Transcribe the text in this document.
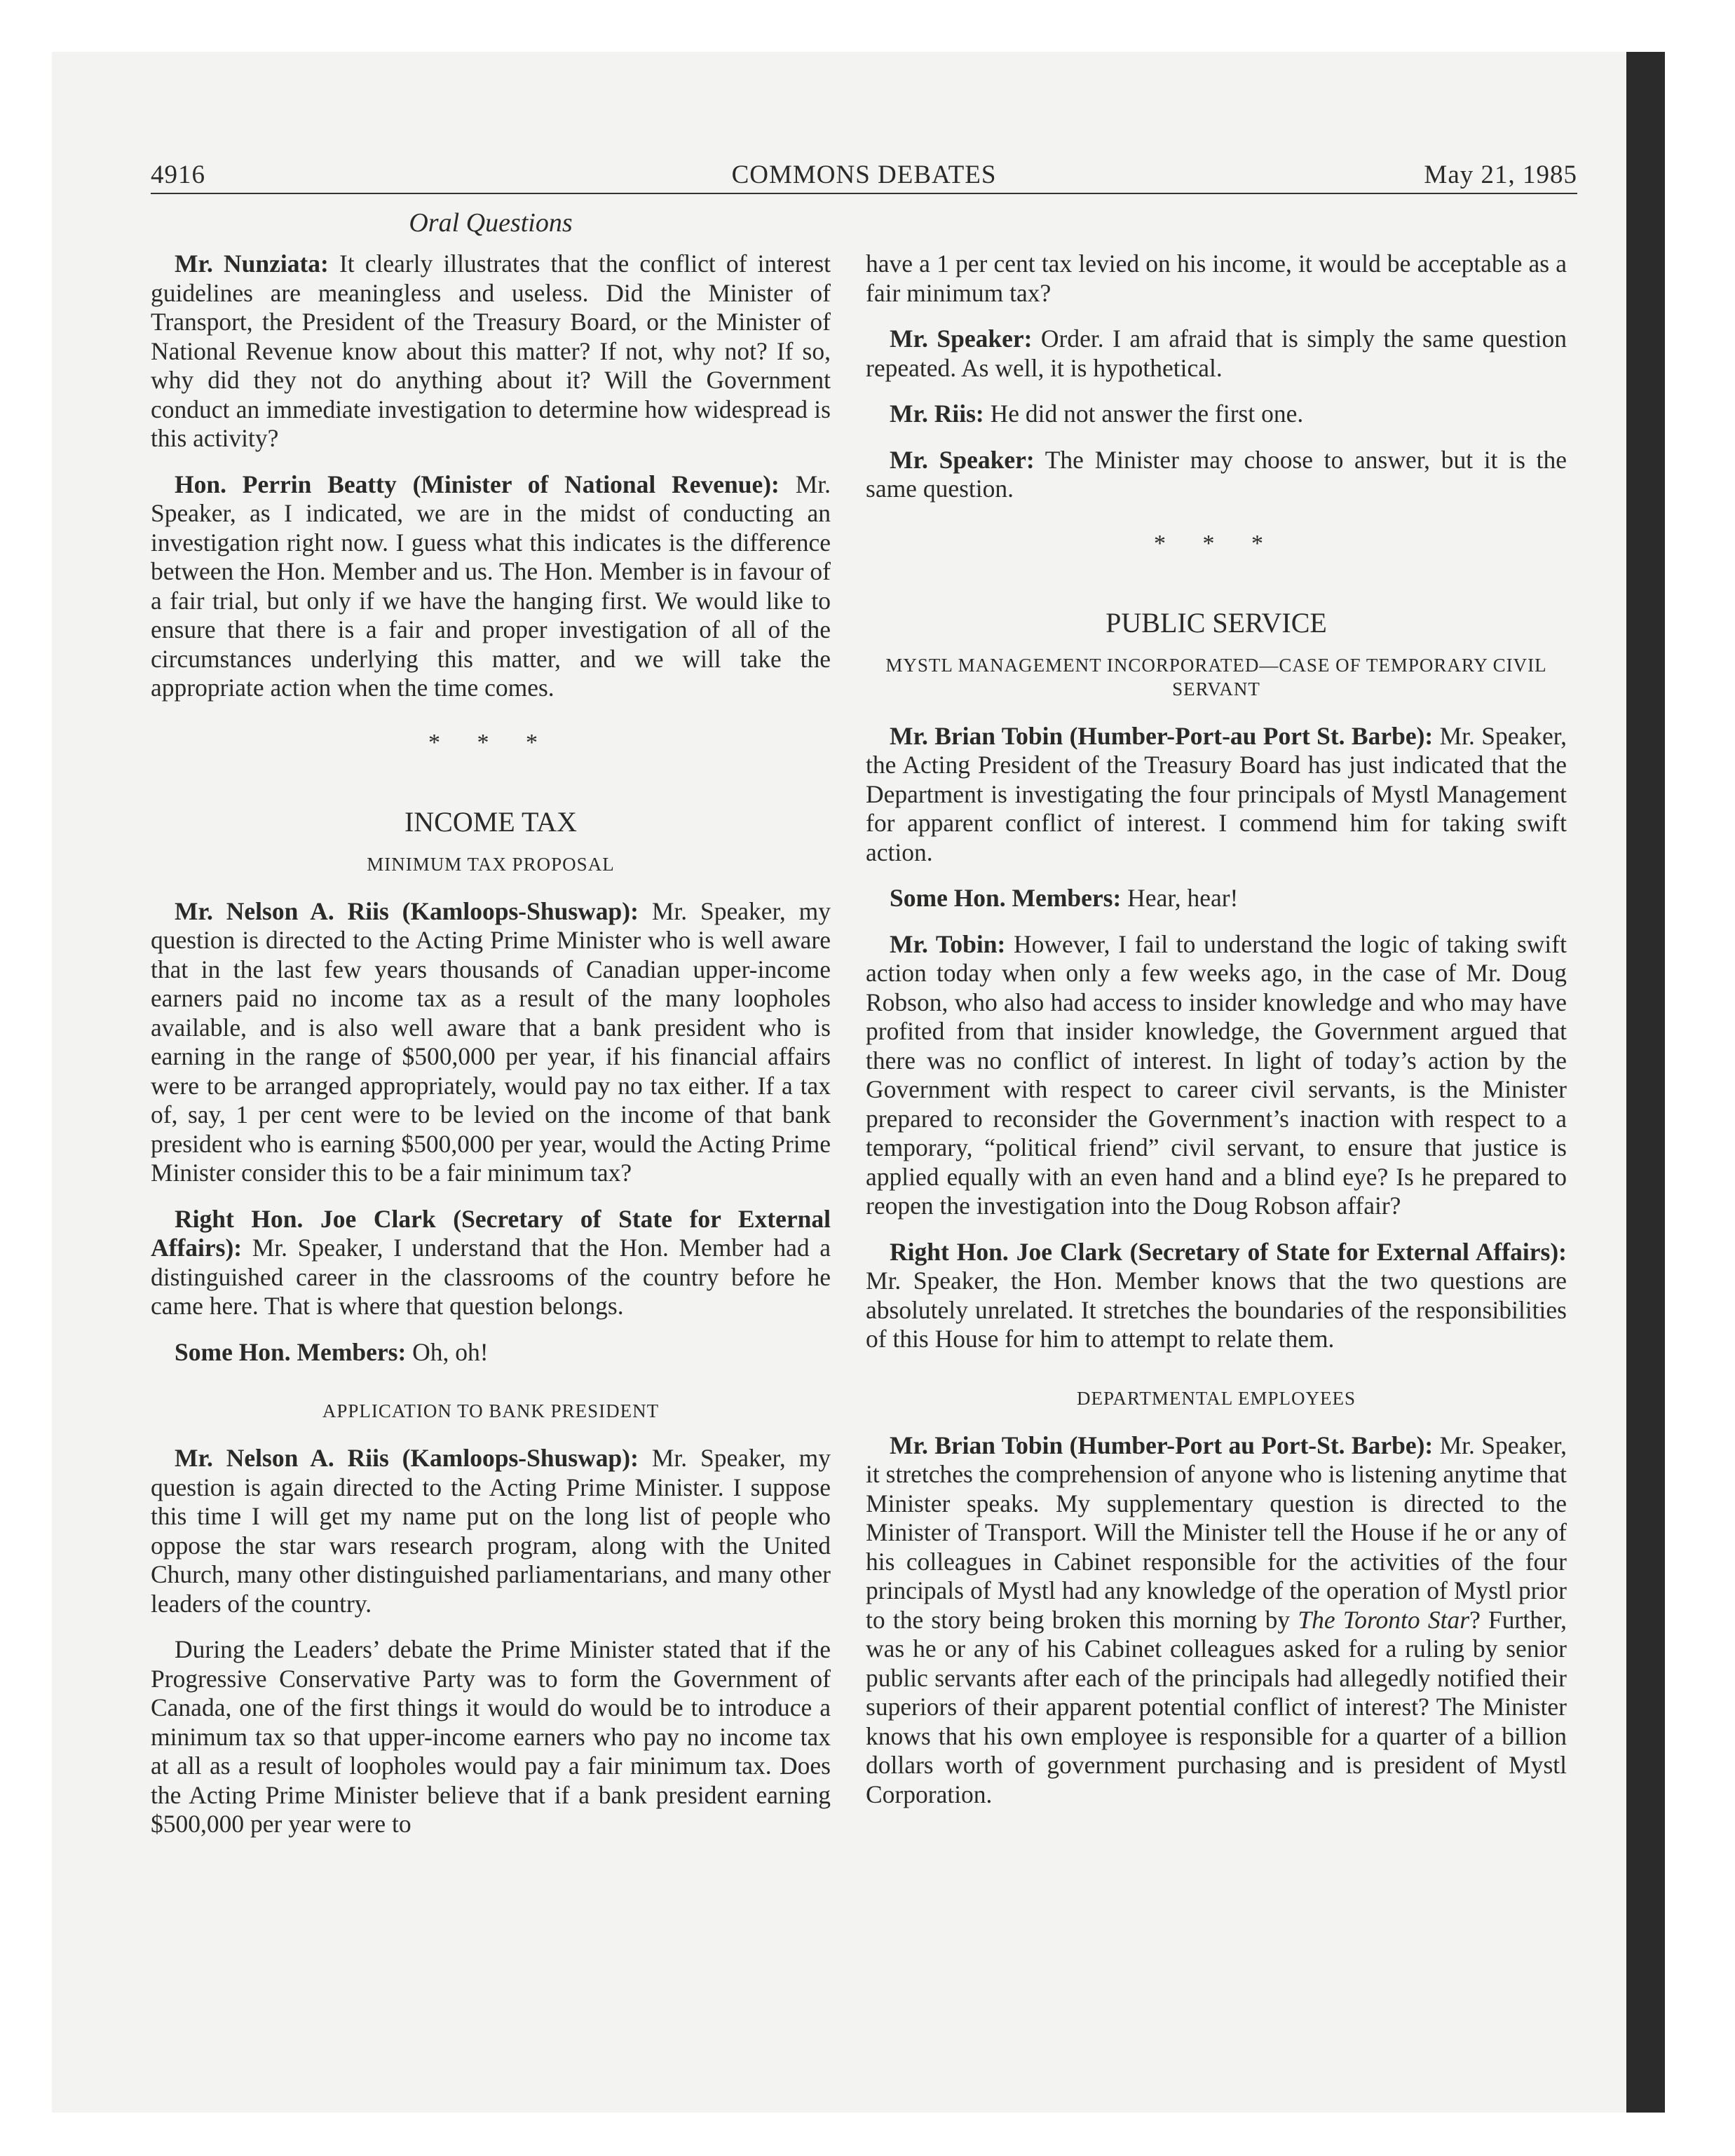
4916	COMMONS DEBATES	May 21, 1985
Oral Questions

Mr. Nunziata: It clearly illustrates that the conflict of interest guidelines are meaningless and useless. Did the Minister of Transport, the President of the Treasury Board, or the Minister of National Revenue know about this matter? If not, why not? If so, why did they not do anything about it? Will the Government conduct an immediate investigation to determine how widespread is this activity?

Hon. Perrin Beatty (Minister of National Revenue): Mr. Speaker, as I indicated, we are in the midst of conducting an investigation right now. I guess what this indicates is the difference between the Hon. Member and us. The Hon. Member is in favour of a fair trial, but only if we have the hanging first. We would like to ensure that there is a fair and proper investigation of all of the circumstances underlying this matter, and we will take the appropriate action when the time comes.

* * *
INCOME TAX
MINIMUM TAX PROPOSAL

Mr. Nelson A. Riis (Kamloops-Shuswap): Mr. Speaker, my question is directed to the Acting Prime Minister who is well aware that in the last few years thousands of Canadian upper-income earners paid no income tax as a result of the many loopholes available, and is also well aware that a bank president who is earning in the range of $500,000 per year, if his financial affairs were to be arranged appropriately, would pay no tax either. If a tax of, say, 1 per cent were to be levied on the income of that bank president who is earning $500,000 per year, would the Acting Prime Minister consider this to be a fair minimum tax?

Right Hon. Joe Clark (Secretary of State for External Affairs): Mr. Speaker, I understand that the Hon. Member had a distinguished career in the classrooms of the country before he came here. That is where that question belongs.

Some Hon. Members: Oh, oh!

APPLICATION TO BANK PRESIDENT

Mr. Nelson A. Riis (Kamloops-Shuswap): Mr. Speaker, my question is again directed to the Acting Prime Minister. I suppose this time I will get my name put on the long list of people who oppose the star wars research program, along with the United Church, many other distinguished parliamentarians, and many other leaders of the country.

During the Leaders’ debate the Prime Minister stated that if the Progressive Conservative Party was to form the Government of Canada, one of the first things it would do would be to introduce a minimum tax so that upper-income earners who pay no income tax at all as a result of loopholes would pay a fair minimum tax. Does the Acting Prime Minister believe that if a bank president earning $500,000 per year were to

have a 1 per cent tax levied on his income, it would be acceptable as a fair minimum tax?

Mr. Speaker: Order. I am afraid that is simply the same question repeated. As well, it is hypothetical.

Mr. Riis: He did not answer the first one.

Mr. Speaker: The Minister may choose to answer, but it is the same question.

* * *
PUBLIC SERVICE
MYSTL MANAGEMENT INCORPORATED—CASE OF TEMPORARY CIVIL SERVANT

Mr. Brian Tobin (Humber-Port-au Port St. Barbe): Mr. Speaker, the Acting President of the Treasury Board has just indicated that the Department is investigating the four principals of Mystl Management for apparent conflict of interest. I commend him for taking swift action.

Some Hon. Members: Hear, hear!

Mr. Tobin: However, I fail to understand the logic of taking swift action today when only a few weeks ago, in the case of Mr. Doug Robson, who also had access to insider knowledge and who may have profited from that insider knowledge, the Government argued that there was no conflict of interest. In light of today’s action by the Government with respect to career civil servants, is the Minister prepared to reconsider the Government’s inaction with respect to a temporary, “political friend” civil servant, to ensure that justice is applied equally with an even hand and a blind eye? Is he prepared to reopen the investigation into the Doug Robson affair?

Right Hon. Joe Clark (Secretary of State for External Affairs): Mr. Speaker, the Hon. Member knows that the two questions are absolutely unrelated. It stretches the boundaries of the responsibilities of this House for him to attempt to relate them.

DEPARTMENTAL EMPLOYEES

Mr. Brian Tobin (Humber-Port au Port-St. Barbe): Mr. Speaker, it stretches the comprehension of anyone who is listening anytime that Minister speaks. My supplementary question is directed to the Minister of Transport. Will the Minister tell the House if he or any of his colleagues in Cabinet responsible for the activities of the four principals of Mystl had any knowledge of the operation of Mystl prior to the story being broken this morning by The Toronto Star? Further, was he or any of his Cabinet colleagues asked for a ruling by senior public servants after each of the principals had allegedly notified their superiors of their apparent potential conflict of interest? The Minister knows that his own employee is responsible for a quarter of a billion dollars worth of government purchasing and is president of Mystl Corporation.
